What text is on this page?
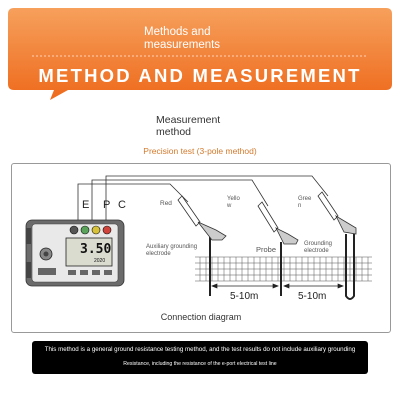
Methods and measurements
METHOD AND MEASUREMENT
Measurement method
Precision test (3-pole method)
E P C	Red
Yello w
Gree n
Auxiliary grounding electrode	Probe
Grounding electrode
5-10m	5-10m
3.50
2020
Connection diagram
This method is a general ground resistance testing method, and the test results do not include auxiliary grounding
Resistance, including the resistance of the e-port electrical test line
